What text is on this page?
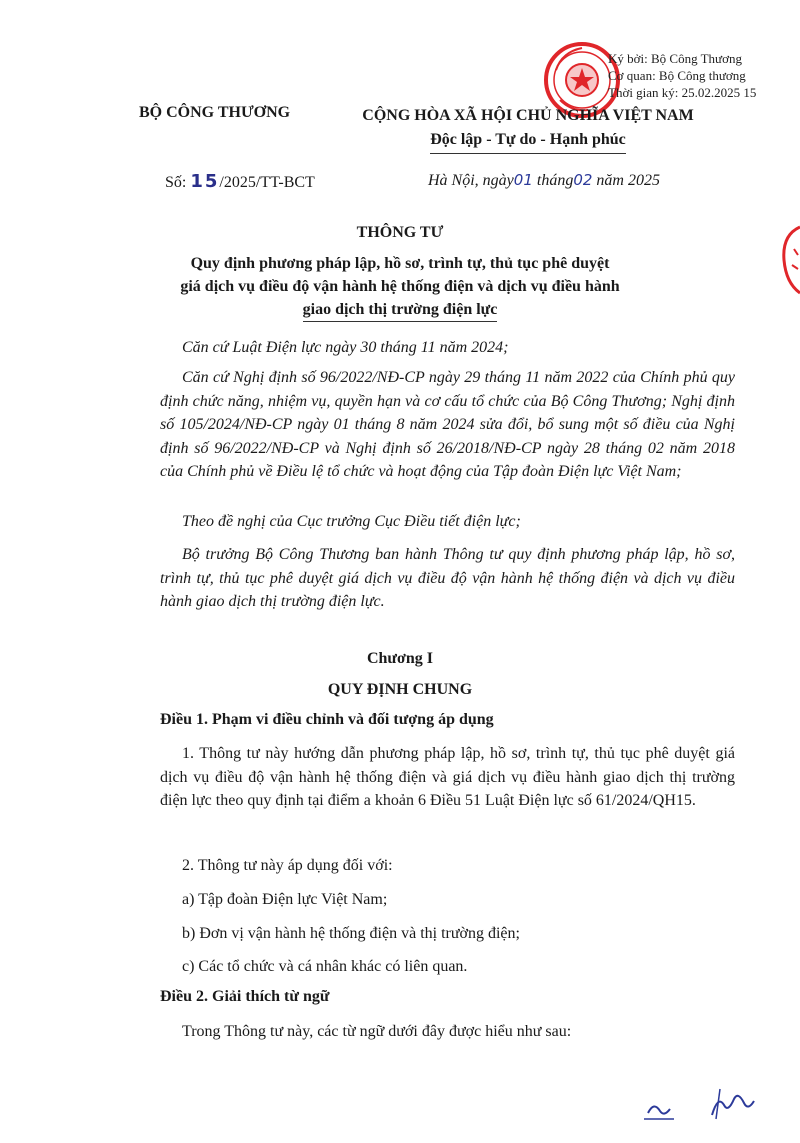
Ký bởi: Bộ Công Thương
Cơ quan: Bộ Công thương
Thời gian ký: 25.02.2025 15
BỘ CÔNG THƯƠNG	CỘNG HÒA XÃ HỘI CHỦ NGHĨA VIỆT NAM
Độc lập - Tự do - Hạnh phúc
Số: 15/2025/TT-BCT	Hà Nội, ngày01 tháng02 năm 2025
THÔNG TƯ
Quy định phương pháp lập, hồ sơ, trình tự, thủ tục phê duyệt
giá dịch vụ điều độ vận hành hệ thống điện và dịch vụ điều hành
giao dịch thị trường điện lực
Căn cứ Luật Điện lực ngày 30 tháng 11 năm 2024;
Căn cứ Nghị định số 96/2022/NĐ-CP ngày 29 tháng 11 năm 2022 của Chính phủ quy định chức năng, nhiệm vụ, quyền hạn và cơ cấu tổ chức của Bộ Công Thương; Nghị định số 105/2024/NĐ-CP ngày 01 tháng 8 năm 2024 sửa đổi, bổ sung một số điều của Nghị định số 96/2022/NĐ-CP và Nghị định số 26/2018/NĐ-CP ngày 28 tháng 02 năm 2018 của Chính phủ về Điều lệ tổ chức và hoạt động của Tập đoàn Điện lực Việt Nam;
Theo đề nghị của Cục trưởng Cục Điều tiết điện lực;
Bộ trưởng Bộ Công Thương ban hành Thông tư quy định phương pháp lập, hồ sơ, trình tự, thủ tục phê duyệt giá dịch vụ điều độ vận hành hệ thống điện và dịch vụ điều hành giao dịch thị trường điện lực.
Chương I
QUY ĐỊNH CHUNG
Điều 1. Phạm vi điều chỉnh và đối tượng áp dụng
1. Thông tư này hướng dẫn phương pháp lập, hồ sơ, trình tự, thủ tục phê duyệt giá dịch vụ điều độ vận hành hệ thống điện và giá dịch vụ điều hành giao dịch thị trường điện lực theo quy định tại điểm a khoản 6 Điều 51 Luật Điện lực số 61/2024/QH15.
2. Thông tư này áp dụng đối với:
a) Tập đoàn Điện lực Việt Nam;
b) Đơn vị vận hành hệ thống điện và thị trường điện;
c) Các tổ chức và cá nhân khác có liên quan.
Điều 2. Giải thích từ ngữ
Trong Thông tư này, các từ ngữ dưới đây được hiểu như sau:
